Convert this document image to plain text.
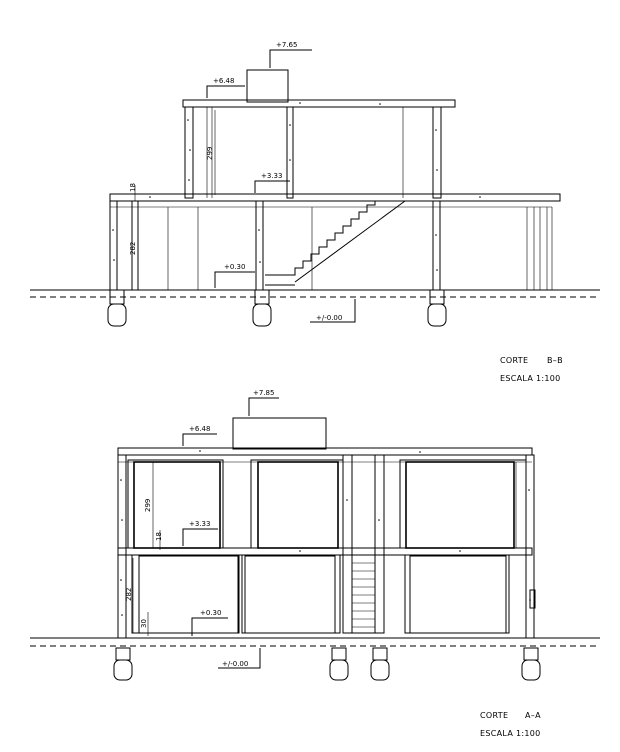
+7.65
+6.48
+3.33
+0.30
+/-0.00
299
18
282
CORTE B–B
ESCALA 1:100
+7.85
+6.48
+3.33
+0.30
+/-0.00
299
18
282
30
CORTE A–A
ESCALA 1:100
